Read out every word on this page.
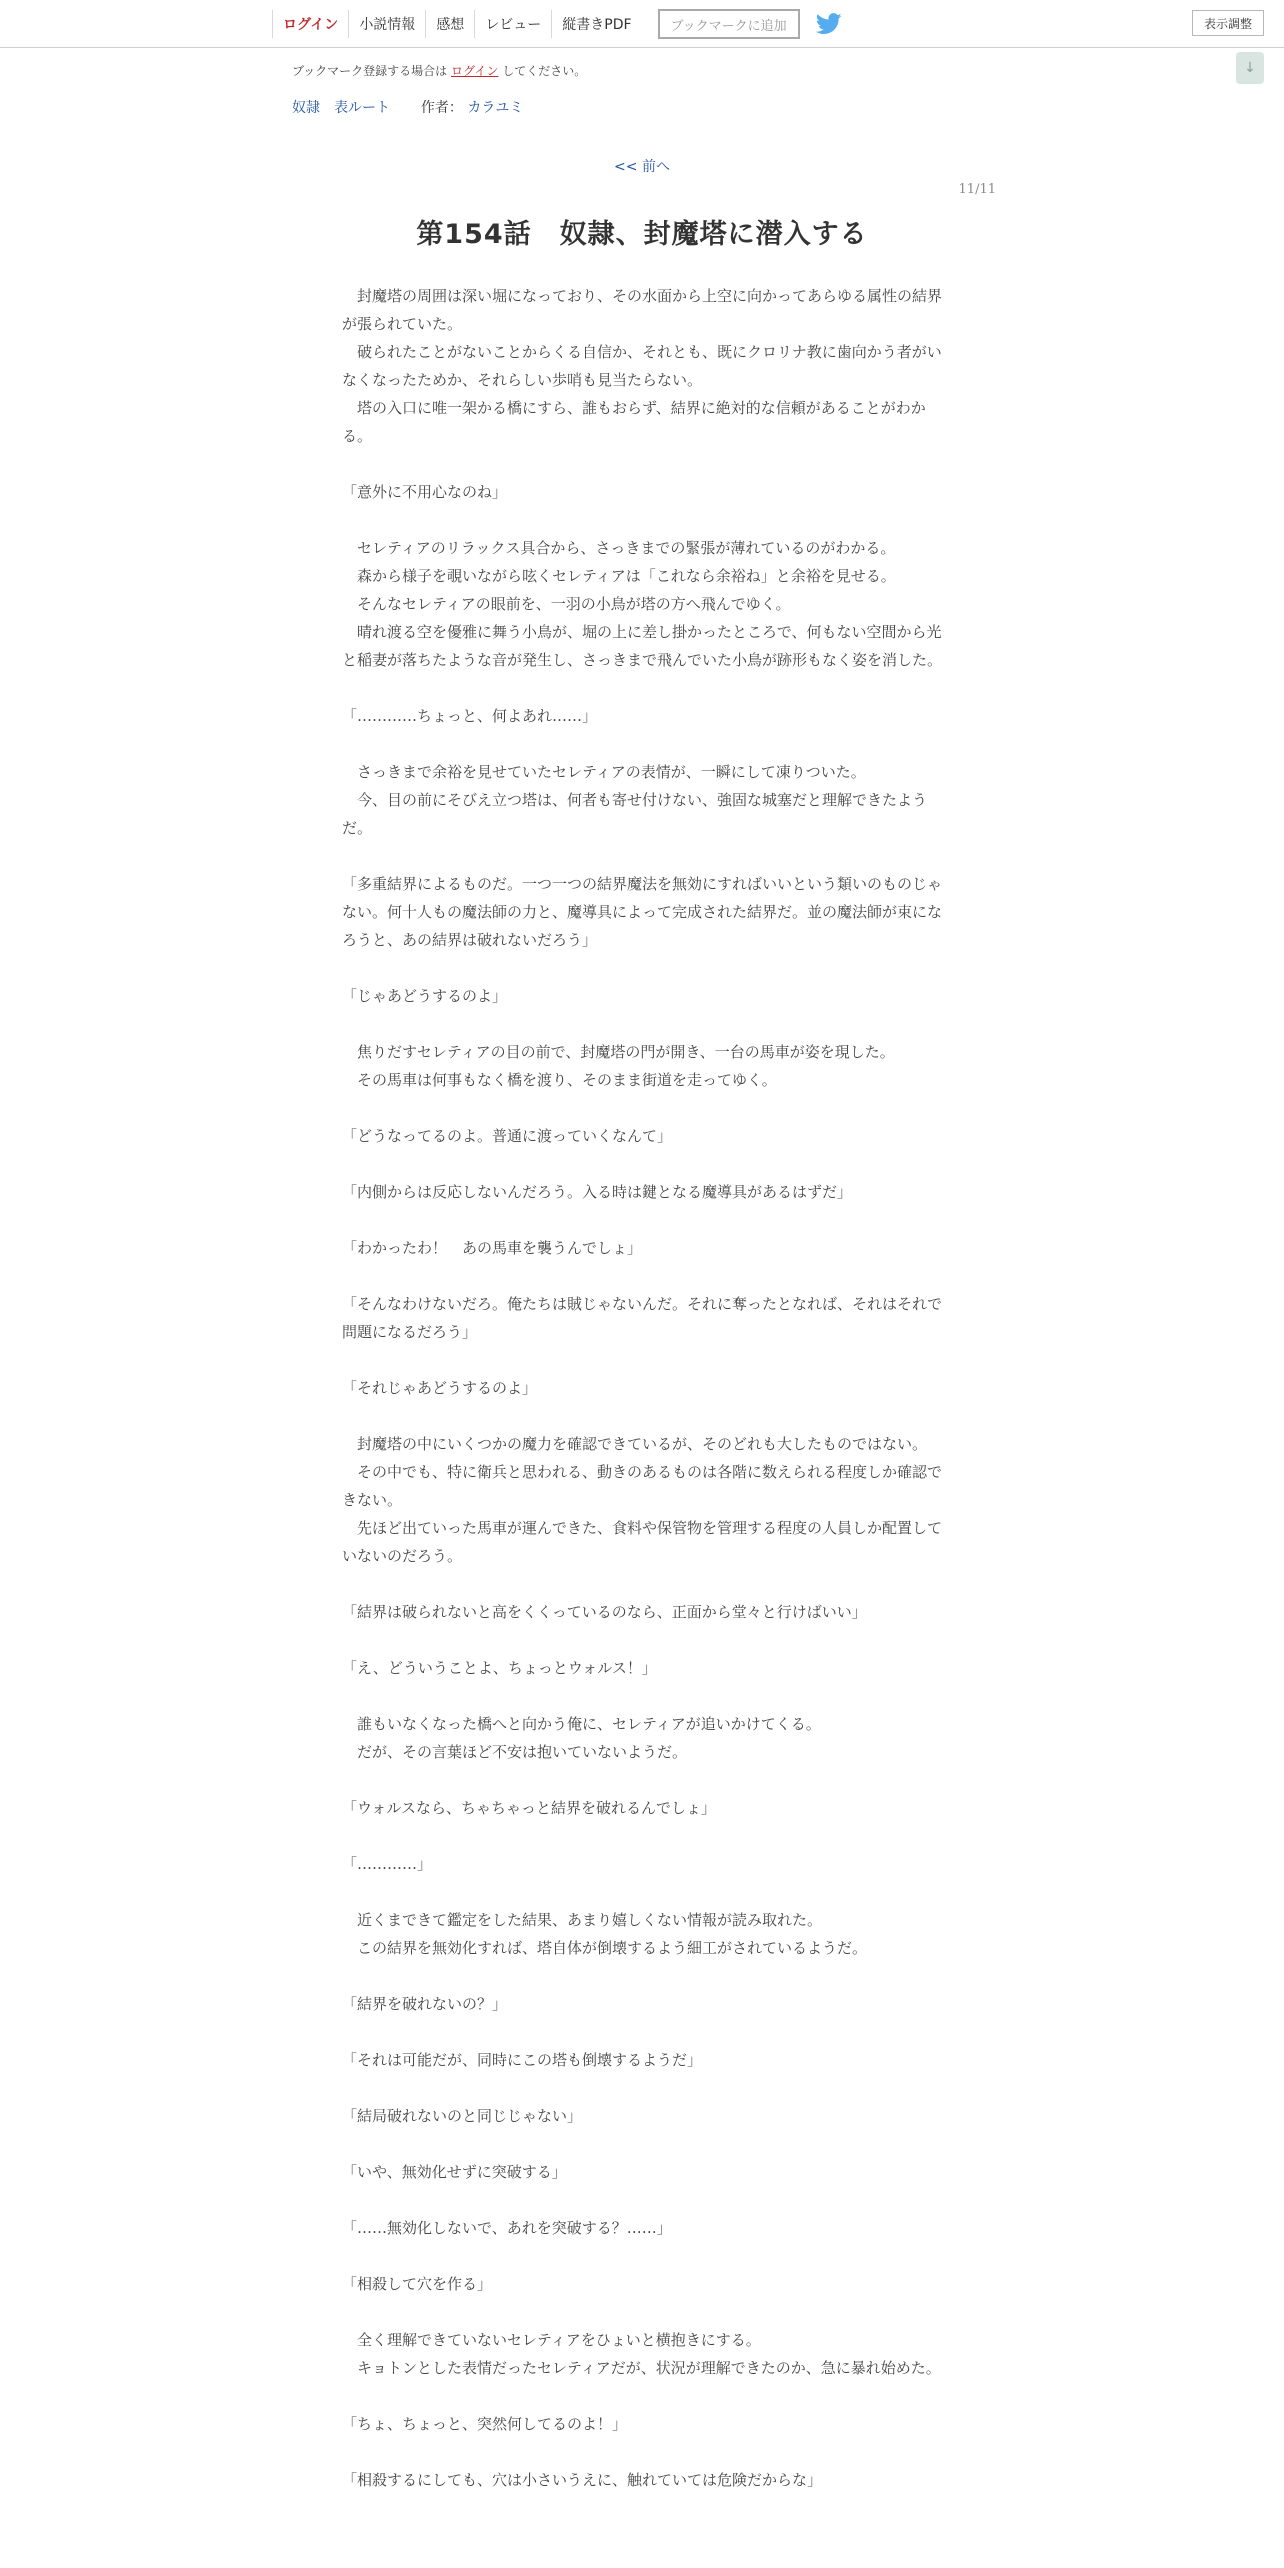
ログイン	小説情報	感想	レビュー	縦書きPDF	ブックマークに追加	表示調整
↓
ブックマーク登録する場合は ログイン してください。
奴隷　表ルート 作者： カラユミ
<< 前へ
11/11
第154話　奴隷、封魔塔に潜入する

　封魔塔の周囲は深い堀になっており、その水面から上空に向かってあらゆる属性の結界が張られていた。

　破られたことがないことからくる自信か、それとも、既にクロリナ教に歯向かう者がいなくなったためか、それらしい歩哨も見当たらない。

　塔の入口に唯一架かる橋にすら、誰もおらず、結界に絶対的な信頼があることがわかる。

「意外に不用心なのね」

　セレティアのリラックス具合から、さっきまでの緊張が薄れているのがわかる。

　森から様子を覗いながら呟くセレティアは「これなら余裕ね」と余裕を見せる。

　そんなセレティアの眼前を、一羽の小鳥が塔の方へ飛んでゆく。

　晴れ渡る空を優雅に舞う小鳥が、堀の上に差し掛かったところで、何もない空間から光と稲妻が落ちたような音が発生し、さっきまで飛んでいた小鳥が跡形もなく姿を消した。

「…………ちょっと、何よあれ……」

　さっきまで余裕を見せていたセレティアの表情が、一瞬にして凍りついた。

　今、目の前にそびえ立つ塔は、何者も寄せ付けない、強固な城塞だと理解できたようだ。

「多重結界によるものだ。一つ一つの結界魔法を無効にすればいいという類いのものじゃない。何十人もの魔法師の力と、魔導具によって完成された結界だ。並の魔法師が束になろうと、あの結界は破れないだろう」

「じゃあどうするのよ」

　焦りだすセレティアの目の前で、封魔塔の門が開き、一台の馬車が姿を現した。

　その馬車は何事もなく橋を渡り、そのまま街道を走ってゆく。

「どうなってるのよ。普通に渡っていくなんて」

「内側からは反応しないんだろう。入る時は鍵となる魔導具があるはずだ」

「わかったわ！　あの馬車を襲うんでしょ」

「そんなわけないだろ。俺たちは賊じゃないんだ。それに奪ったとなれば、それはそれで問題になるだろう」

「それじゃあどうするのよ」

　封魔塔の中にいくつかの魔力を確認できているが、そのどれも大したものではない。

　その中でも、特に衛兵と思われる、動きのあるものは各階に数えられる程度しか確認できない。

　先ほど出ていった馬車が運んできた、食料や保管物を管理する程度の人員しか配置していないのだろう。

「結界は破られないと高をくくっているのなら、正面から堂々と行けばいい」

「え、どういうことよ、ちょっとウォルス！」

　誰もいなくなった橋へと向かう俺に、セレティアが追いかけてくる。

　だが、その言葉ほど不安は抱いていないようだ。

「ウォルスなら、ちゃちゃっと結界を破れるんでしょ」

「…………」

　近くまできて鑑定をした結果、あまり嬉しくない情報が読み取れた。

　この結界を無効化すれば、塔自体が倒壊するよう細工がされているようだ。

「結界を破れないの？」

「それは可能だが、同時にこの塔も倒壊するようだ」

「結局破れないのと同じじゃない」

「いや、無効化せずに突破する」

「……無効化しないで、あれを突破する？……」

「相殺して穴を作る」

　全く理解できていないセレティアをひょいと横抱きにする。

　キョトンとした表情だったセレティアだが、状況が理解できたのか、急に暴れ始めた。

「ちょ、ちょっと、突然何してるのよ！」

「相殺するにしても、穴は小さいうえに、触れていては危険だからな」
